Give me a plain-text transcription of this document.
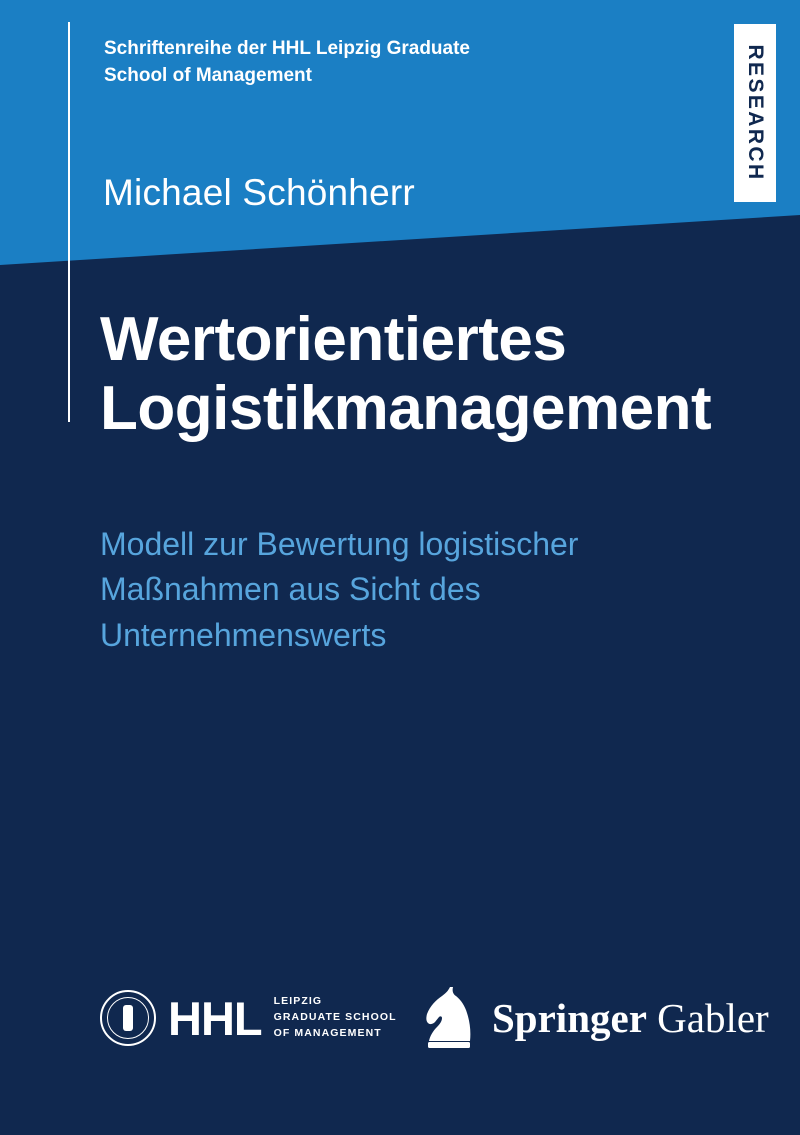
RESEARCH
Schriftenreihe der HHL Leipzig Graduate School of Management
Michael Schönherr
Wertorientiertes
Logistikmanagement
Modell zur Bewertung logistischer
Maßnahmen aus Sicht des
Unternehmenswerts
HHL LEIPZIG
GRADUATE SCHOOL
OF MANAGEMENT	Springer Gabler
